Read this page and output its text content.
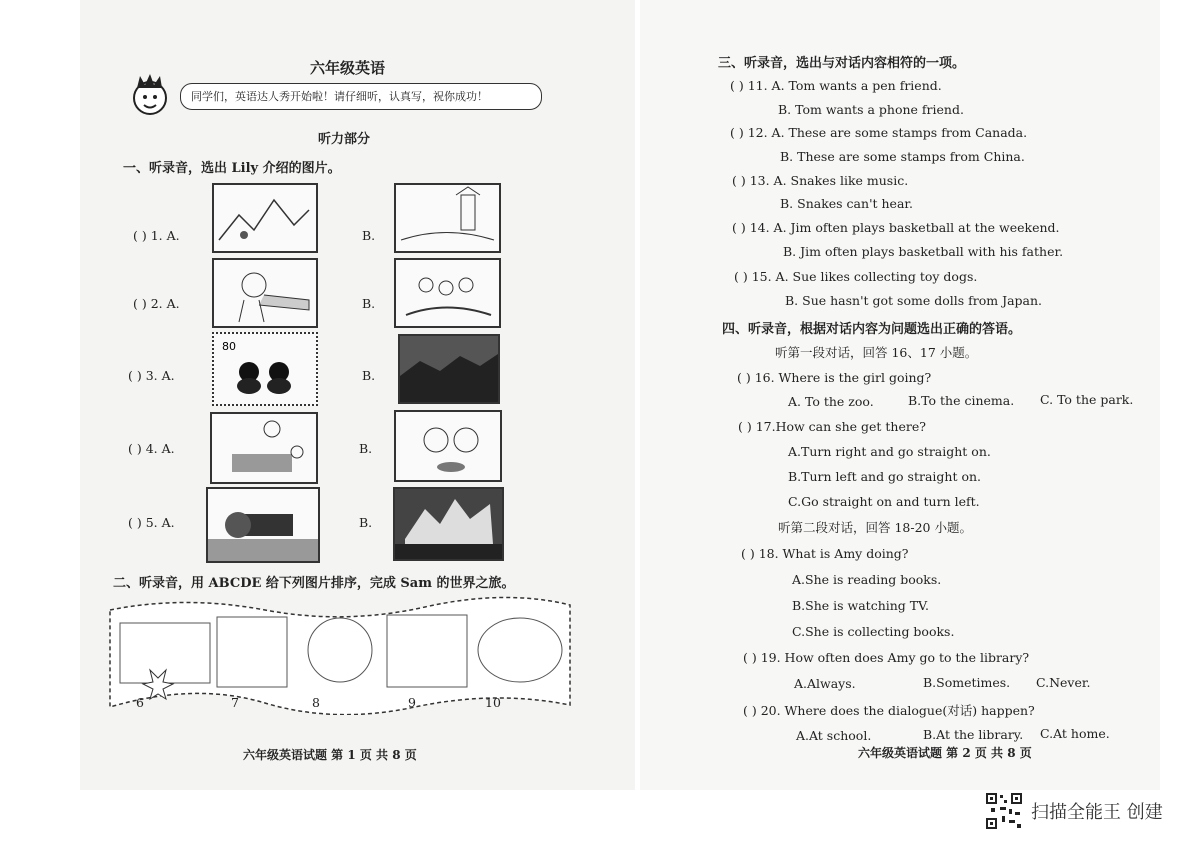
六年级英语
同学们，英语达人秀开始啦！请仔细听，认真写，祝你成功！
听力部分
一、听录音，选出 Lily 介绍的图片。
( ) 1. A.	B.
( ) 2. A.	B.
( ) 3. A.	B.
80
( ) 4. A.	B.
( ) 5. A.	B.
二、听录音，用 ABCDE 给下列图片排序，完成 Sam 的世界之旅。
6	7	8	9	10
六年级英语试题 第 1 页 共 8 页
三、听录音，选出与对话内容相符的一项。
( ) 11. A. Tom wants a pen friend.
B. Tom wants a phone friend.
( ) 12. A. These are some stamps from Canada.
B. These are some stamps from China.
( ) 13. A. Snakes like music.
B. Snakes can't hear.
( ) 14. A. Jim often plays basketball at the weekend.
B. Jim often plays basketball with his father.
( ) 15. A. Sue likes collecting toy dogs.
B. Sue hasn't got some dolls from Japan.
四、听录音，根据对话内容为问题选出正确的答语。
听第一段对话，回答 16、17 小题。
( ) 16. Where is the girl going?
A. To the zoo.	B.To the cinema. C. To the park.
( ) 17.How can she get there?
A.Turn right and go straight on.
B.Turn left and go straight on.
C.Go straight on and turn left.
听第二段对话，回答 18-20 小题。
( ) 18. What is Amy doing?
A.She is reading books.
B.She is watching TV.
C.She is collecting books.
( ) 19. How often does Amy go to the library?
A.Always.	B.Sometimes. C.Never.
( ) 20. Where does the dialogue(对话) happen?
A.At school.	B.At the library. C.At home.
六年级英语试题 第 2 页 共 8 页
扫描全能王 创建
